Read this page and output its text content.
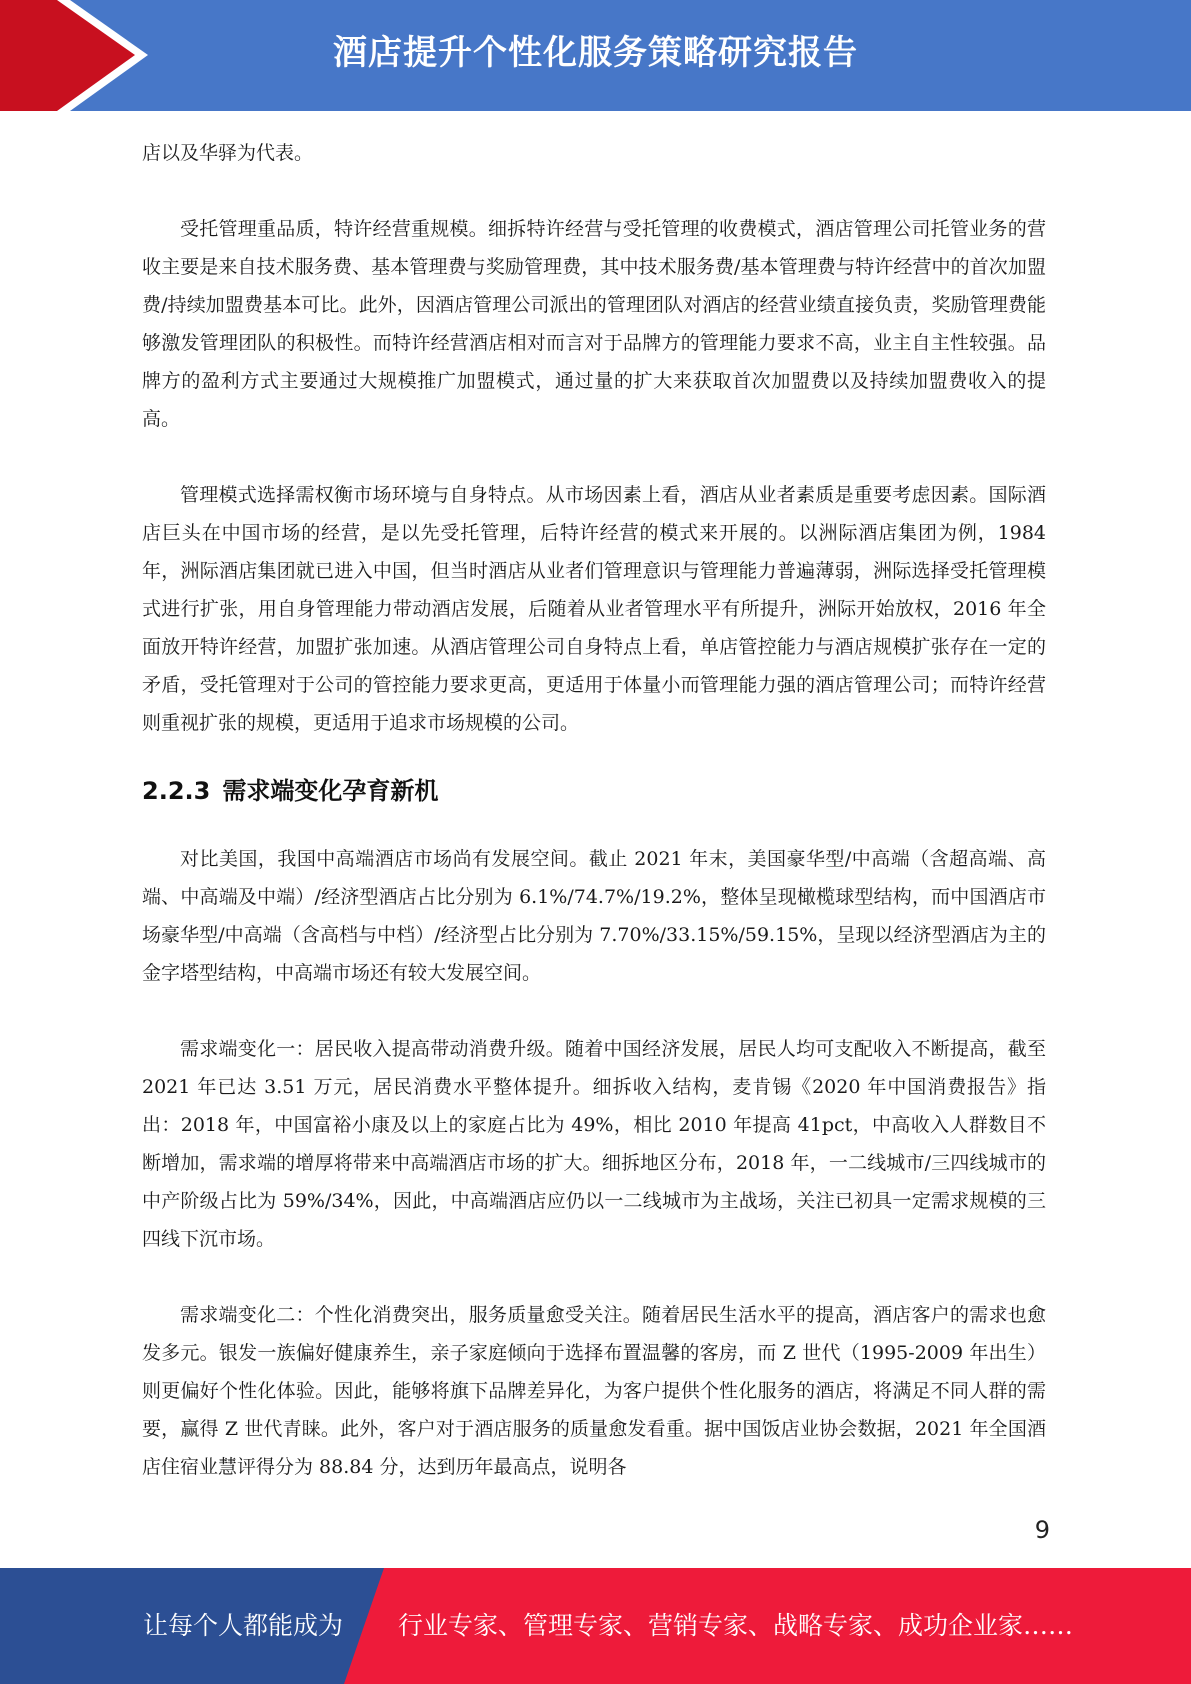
酒店提升个性化服务策略研究报告

店以及华驿为代表。

受托管理重品质，特许经营重规模。细拆特许经营与受托管理的收费模式，酒店管理公司托管业务的营收主要是来自技术服务费、基本管理费与奖励管理费，其中技术服务费/基本管理费与特许经营中的首次加盟费/持续加盟费基本可比。此外，因酒店管理公司派出的管理团队对酒店的经营业绩直接负责，奖励管理费能够激发管理团队的积极性。而特许经营酒店相对而言对于品牌方的管理能力要求不高，业主自主性较强。品牌方的盈利方式主要通过大规模推广加盟模式，通过量的扩大来获取首次加盟费以及持续加盟费收入的提高。

管理模式选择需权衡市场环境与自身特点。从市场因素上看，酒店从业者素质是重要考虑因素。国际酒店巨头在中国市场的经营，是以先受托管理，后特许经营的模式来开展的。以洲际酒店集团为例，1984 年，洲际酒店集团就已进入中国，但当时酒店从业者们管理意识与管理能力普遍薄弱，洲际选择受托管理模式进行扩张，用自身管理能力带动酒店发展，后随着从业者管理水平有所提升，洲际开始放权，2016 年全面放开特许经营，加盟扩张加速。从酒店管理公司自身特点上看，单店管控能力与酒店规模扩张存在一定的矛盾，受托管理对于公司的管控能力要求更高，更适用于体量小而管理能力强的酒店管理公司；而特许经营则重视扩张的规模，更适用于追求市场规模的公司。

2.2.3 需求端变化孕育新机

对比美国，我国中高端酒店市场尚有发展空间。截止 2021 年末，美国豪华型/中高端（含超高端、高端、中高端及中端）/经济型酒店占比分别为 6.1%/74.7%/19.2%，整体呈现橄榄球型结构，而中国酒店市场豪华型/中高端（含高档与中档）/经济型占比分别为 7.70%/33.15%/59.15%，呈现以经济型酒店为主的金字塔型结构，中高端市场还有较大发展空间。

需求端变化一：居民收入提高带动消费升级。随着中国经济发展，居民人均可支配收入不断提高，截至 2021 年已达 3.51 万元，居民消费水平整体提升。细拆收入结构，麦肯锡《2020 年中国消费报告》指出：2018 年，中国富裕小康及以上的家庭占比为 49%，相比 2010 年提高 41pct，中高收入人群数目不断增加，需求端的增厚将带来中高端酒店市场的扩大。细拆地区分布，2018 年，一二线城市/三四线城市的中产阶级占比为 59%/34%，因此，中高端酒店应仍以一二线城市为主战场，关注已初具一定需求规模的三四线下沉市场。

需求端变化二：个性化消费突出，服务质量愈受关注。随着居民生活水平的提高，酒店客户的需求也愈发多元。银发一族偏好健康养生，亲子家庭倾向于选择布置温馨的客房，而 Z 世代（1995-2009 年出生）则更偏好个性化体验。因此，能够将旗下品牌差异化，为客户提供个性化服务的酒店，将满足不同人群的需要，赢得 Z 世代青睐。此外，客户对于酒店服务的质量愈发看重。据中国饭店业协会数据，2021 年全国酒店住宿业慧评得分为 88.84 分，达到历年最高点，说明各

9
让每个人都能成为 行业专家、管理专家、营销专家、战略专家、成功企业家……
